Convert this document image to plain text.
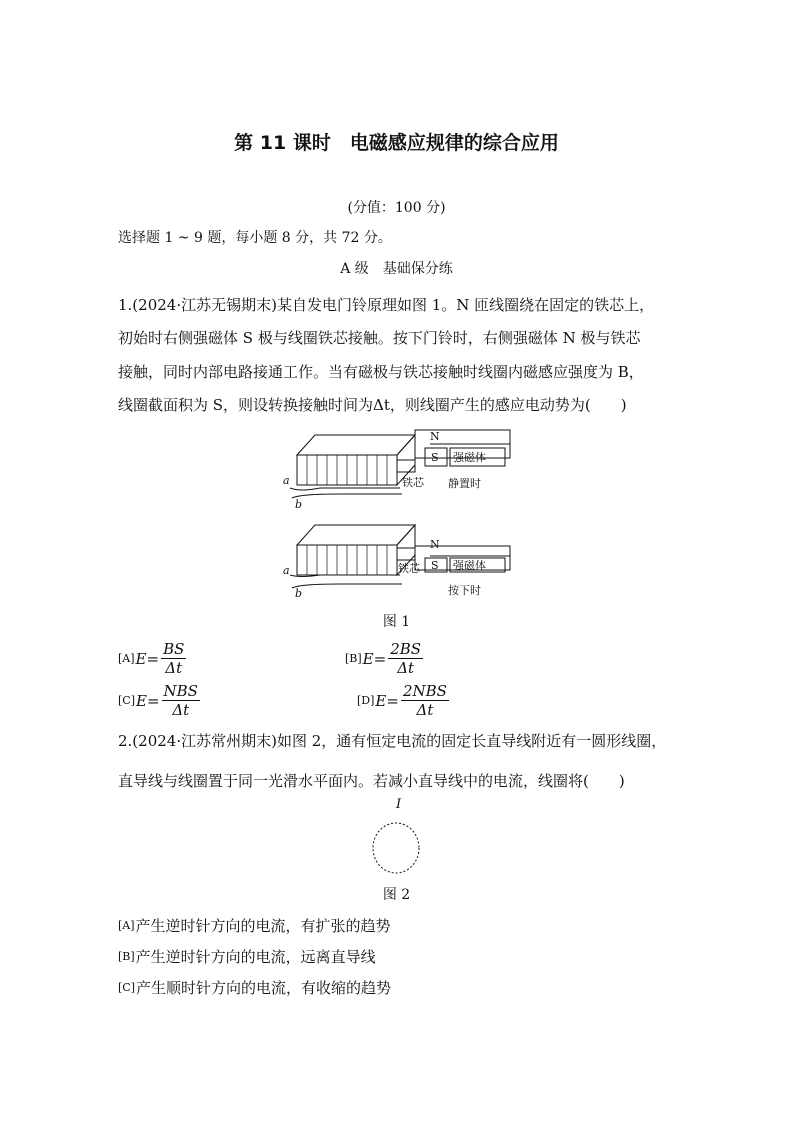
第 11 课时　电磁感应规律的综合应用
(分值：100 分)
选择题 1 ~ 9 题，每小题 8 分，共 72 分。
A 级　基础保分练
1.(2024·江苏无锡期末)某自发电门铃原理如图 1。N 匝线圈绕在固定的铁芯上，
初始时右侧强磁体 S 极与线圈铁芯接触。按下门铃时，右侧强磁体 N 极与铁芯
接触，同时内部电路接通工作。当有磁极与铁芯接触时线圈内磁感应强度为 B，
线圈截面积为 S，则设转换接触时间为Δt，则线圈产生的感应电动势为(　　)
N
S 强磁体
铁芯 静置时
a
b
N
S 强磁体
铁芯
按下时
a
b
图 1
[A] $E= \frac{BS}{\Delta t}$	[B] $E= \frac{2BS}{\Delta t}$
[C] $E= \frac{\text{NBS}}{\Delta t}$	[D] $E= \frac{\text{2NBS}}{\Delta t}$
2.(2024·江苏常州期末)如图 2，通有恒定电流的固定长直导线附近有一圆形线圈，
直导线与线圈置于同一光滑水平面内。若减小直导线中的电流，线圈将(　　)
I
图 2
[A] 产生逆时针方向的电流，有扩张的趋势
[B] 产生逆时针方向的电流，远离直导线
[C] 产生顺时针方向的电流，有收缩的趋势
